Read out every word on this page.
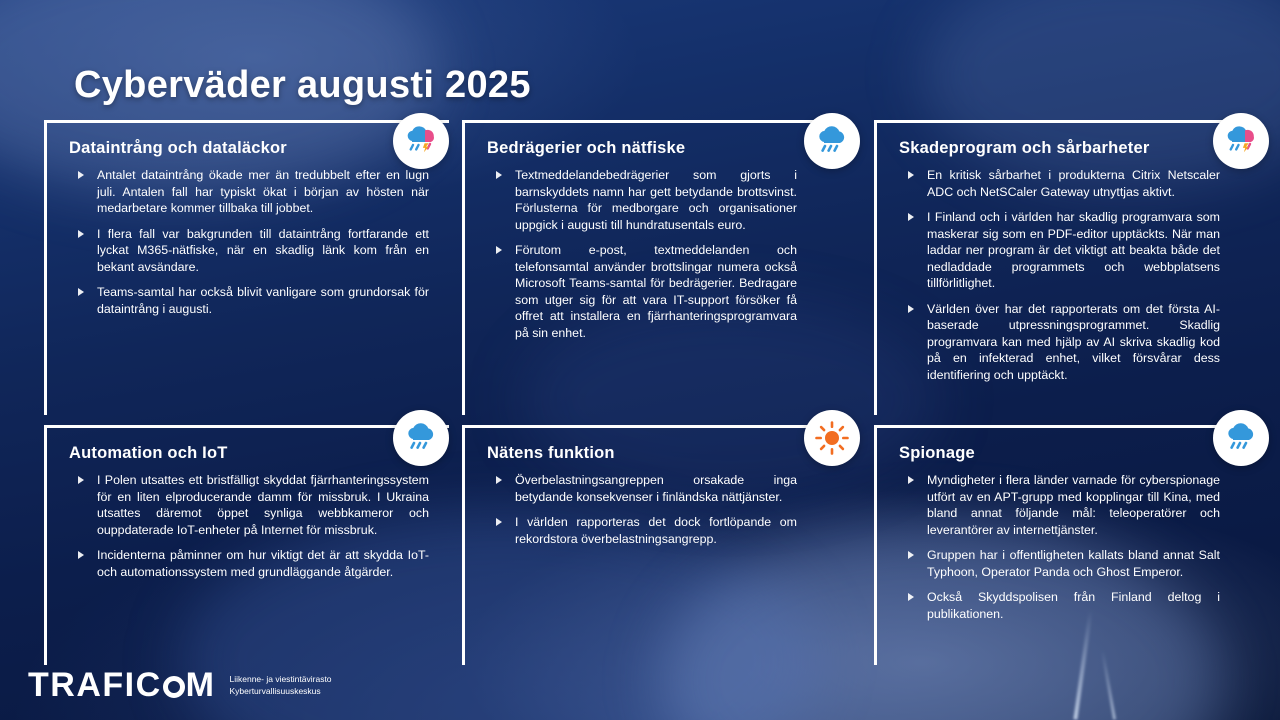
Cyberväder augusti 2025
Dataintrång och dataläckor
Antalet dataintrång ökade mer än tredubbelt efter en lugn juli. Antalen fall har typiskt ökat i början av hösten när medarbetare kommer tillbaka till jobbet.
I flera fall var bakgrunden till dataintrång fortfarande ett lyckat M365-nätfiske, när en skadlig länk kom från en bekant avsändare.
Teams-samtal har också blivit vanligare som grundorsak för dataintrång i augusti.
Bedrägerier och nätfiske
Textmeddelandebedrägerier som gjorts i barnskyddets namn har gett betydande brottsvinst. Förlusterna för medborgare och organisationer uppgick i augusti till hundratusentals euro.
Förutom e-post, textmeddelanden och telefonsamtal använder brottslingar numera också Microsoft Teams-samtal för bedrägerier. Bedragare som utger sig för att vara IT-support försöker få offret att installera en fjärrhanteringsprogramvara på sin enhet.
Skadeprogram och sårbarheter
En kritisk sårbarhet i produkterna Citrix Netscaler ADC och NetSCaler Gateway utnyttjas aktivt.
I Finland och i världen har skadlig programvara som maskerar sig som en PDF-editor upptäckts. När man laddar ner program är det viktigt att beakta både det nedladdade programmets och webbplatsens tillförlitlighet.
Världen över har det rapporterats om det första AI-baserade utpressningsprogrammet. Skadlig programvara kan med hjälp av AI skriva skadlig kod på en infekterad enhet, vilket försvårar dess identifiering och upptäckt.
Automation och IoT
I Polen utsattes ett bristfälligt skyddat fjärrhanteringssystem för en liten elproducerande damm för missbruk. I Ukraina utsattes däremot öppet synliga webbkameror och ouppdaterade IoT-enheter på Internet för missbruk.
Incidenterna påminner om hur viktigt det är att skydda IoT- och automationssystem med grundläggande åtgärder.
Nätens funktion
Överbelastningsangreppen orsakade inga betydande konsekvenser i finländska nättjänster.
I världen rapporteras det dock fortlöpande om rekordstora överbelastningsangrepp.
Spionage
Myndigheter i flera länder varnade för cyberspionage utfört av en APT-grupp med kopplingar till Kina, med bland annat följande mål: teleoperatörer och leverantörer av internettjänster.
Gruppen har i offentligheten kallats bland annat Salt Typhoon, Operator Panda och Ghost Emperor.
Också Skyddspolisen från Finland deltog i publikationen.
TRAFIC M Liikenne- ja viestintävirasto
Kyberturvallisuuskeskus
